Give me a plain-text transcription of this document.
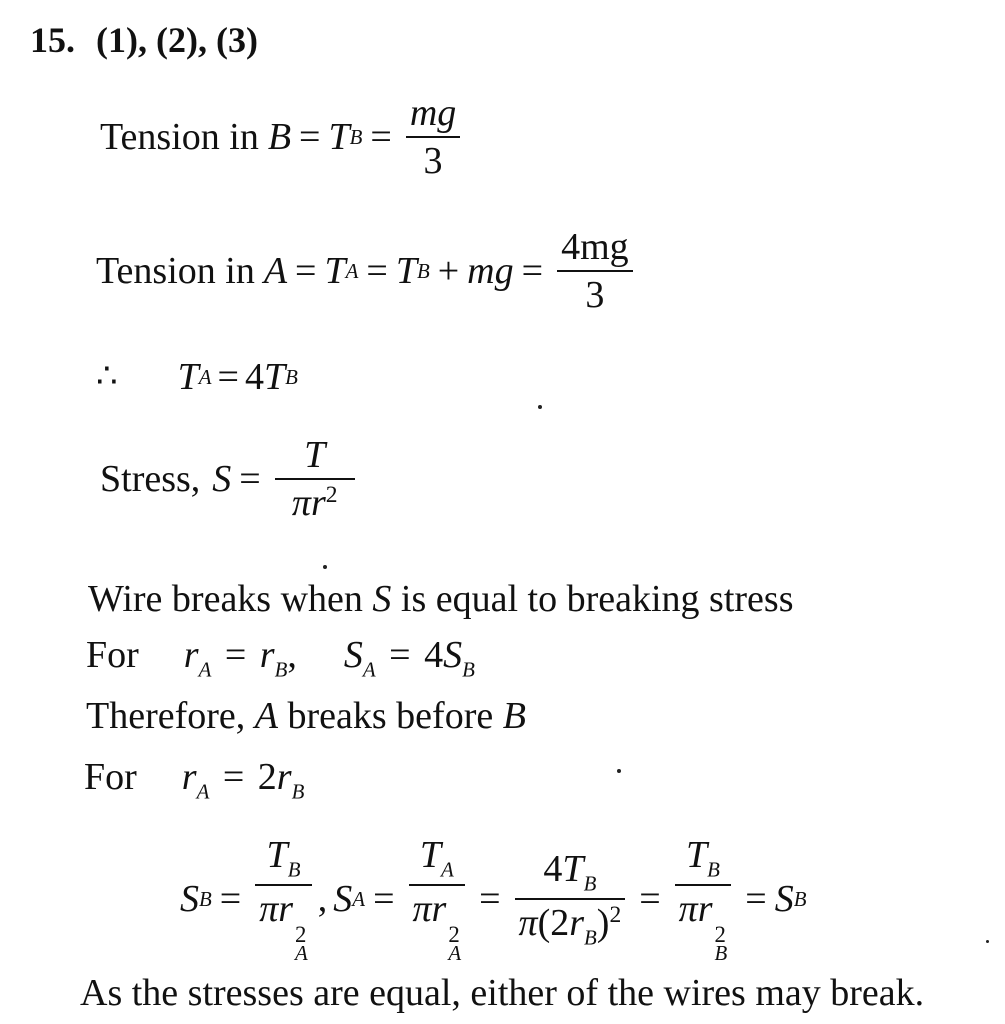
15. (1), (2), (3)
Tension in B = T $B = \frac{mg}{3}$
Tension in A = T A = T B + mg = $\frac{4mg}{3}$
∴ T A = 4 T B
Stress, $S = \frac{T}{\pi r^2}$
Wire breaks when S is equal to breaking stress
For $r_A = r_B$, $S_A = 4S_B$
Therefore, A breaks before B
For $r_A = 2r_B$
S $B = T_B$
πr
2
A , S $A = T_A$
πr
2
$A = \frac{4T_B}{\pi(2r_B)^2} = T_B$
πr
2
B = S B
As the stresses are equal, either of the wires may break.
